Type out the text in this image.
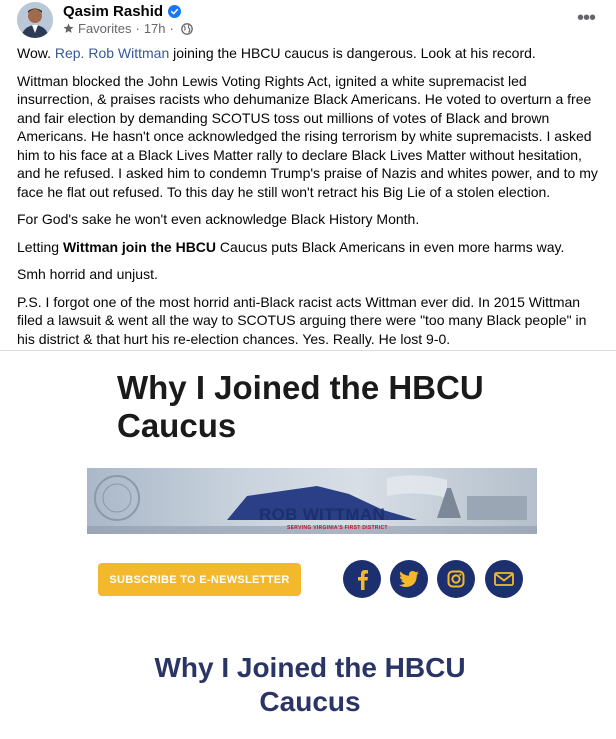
Qasim Rashid
Favorites · 17h ·	•••

Wow. Rep. Rob Wittman joining the HBCU caucus is dangerous. Look at his record.

Wittman blocked the John Lewis Voting Rights Act, ignited a white supremacist led insurrection, & praises racists who dehumanize Black Americans. He voted to overturn a free and fair election by demanding SCOTUS toss out millions of votes of Black and brown Americans. He hasn't once acknowledged the rising terrorism by white supremacists. I asked him to his face at a Black Lives Matter rally to declare Black Lives Matter without hesitation, and he refused. I asked him to condemn Trump's praise of Nazis and whites power, and to my face he flat out refused. To this day he still won't retract his Big Lie of a stolen election.

For God's sake he won't even acknowledge Black History Month.

Letting Wittman join the HBCU Caucus puts Black Americans in even more harms way.

Smh horrid and unjust.

P.S. I forgot one of the most horrid anti-Black racist acts Wittman ever did. In 2015 Wittman filed a lawsuit & went all the way to SCOTUS arguing there were "too many Black people" in his district & that hurt his re-election chances. Yes. Really. He lost 9-0.

Why I Joined the HBCU
Caucus
ROB WITTMAN
SERVING VIRGINIA'S FIRST DISTRICT
SUBSCRIBE TO E-NEWSLETTER
Why I Joined the HBCU
Caucus
